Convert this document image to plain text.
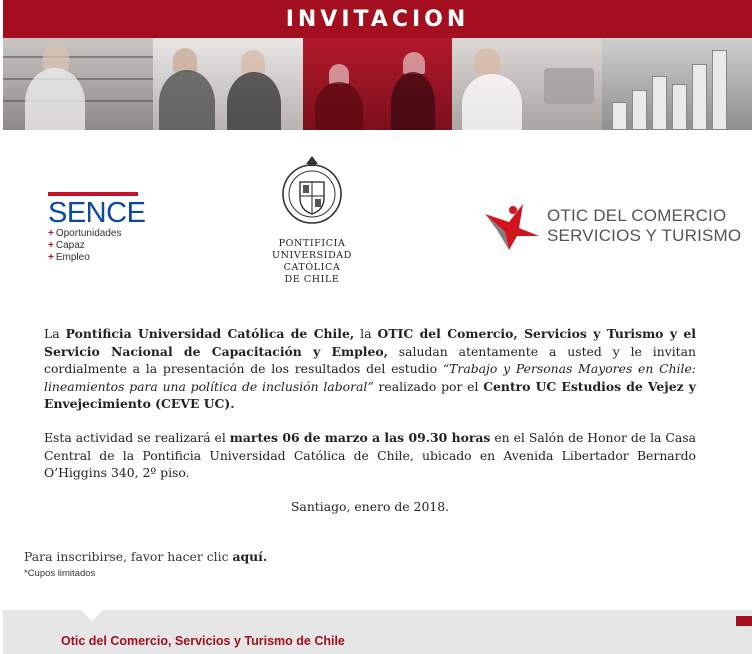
INVITACION
SENCE
+ Oportunidades
+ Capaz
+ Empleo
PONTIFICIA
UNIVERSIDAD
CATÓLICA
DE CHILE
OTIC DEL COMERCIO
SERVICIOS Y TURISMO

La Pontificia Universidad Católica de Chile, la OTIC del Comercio, Servicios y Turismo y el Servicio Nacional de Capacitación y Empleo, saludan atentamente a usted y le invitan cordialmente a la presentación de los resultados del estudio “Trabajo y Personas Mayores en Chile: lineamientos para una política de inclusión laboral” realizado por el Centro UC Estudios de Vejez y Envejecimiento (CEVE UC).

Esta actividad se realizará el martes 06 de marzo a las 09.30 horas en el Salón de Honor de la Casa Central de la Pontificia Universidad Católica de Chile, ubicado en Avenida Libertador Bernardo O’Higgins 340, 2º piso.

Santiago, enero de 2018.

Para inscribirse, favor hacer clic aquí.
*Cupos limitados
Otic del Comercio, Servicios y Turismo de Chile
